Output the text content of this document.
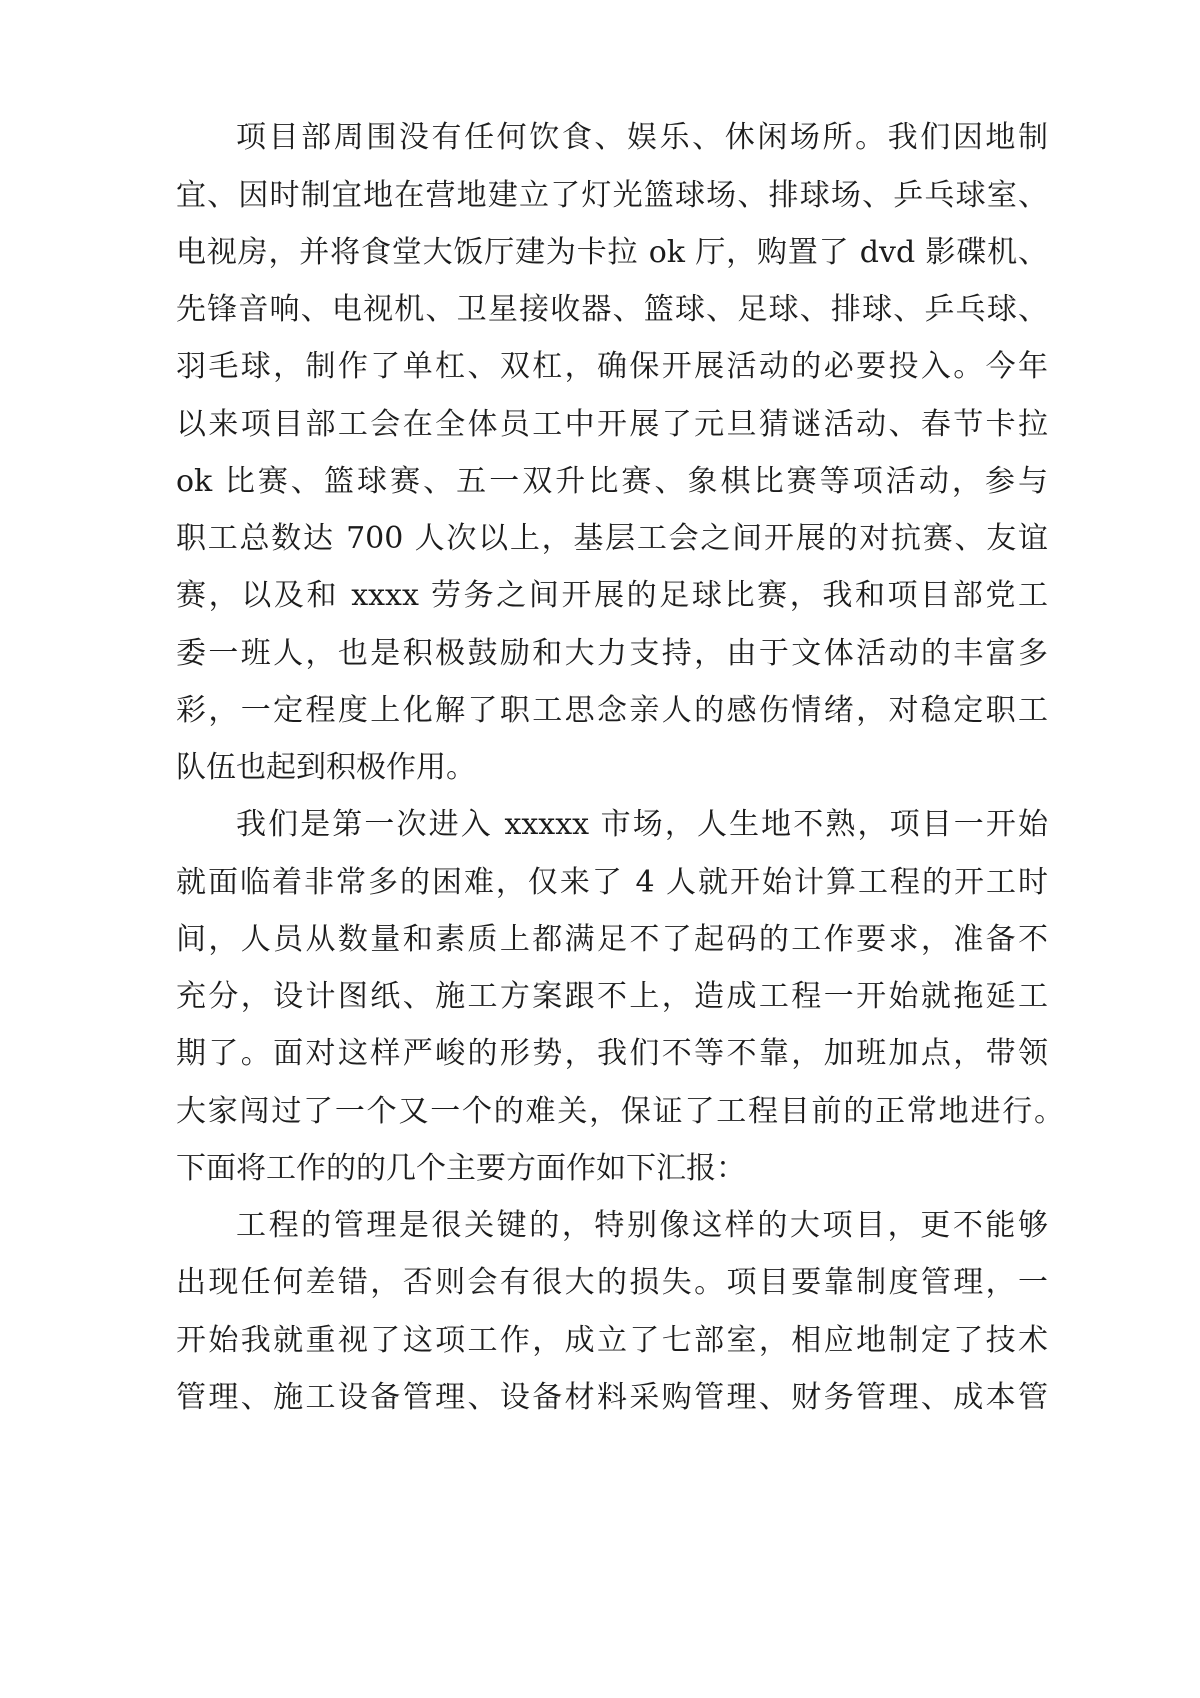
项目部周围没有任何饮食、娱乐、休闲场所。我们因地制

宜、因时制宜地在营地建立了灯光篮球场、排球场、乒乓球室、

电视房，并将食堂大饭厅建为卡拉 ok 厅，购置了 dvd 影碟机、

先锋音响、电视机、卫星接收器、篮球、足球、排球、乒乓球、

羽毛球，制作了单杠、双杠，确保开展活动的必要投入。今年

以来项目部工会在全体员工中开展了元旦猜谜活动、春节卡拉

ok 比赛、篮球赛、五一双升比赛、象棋比赛等项活动，参与

职工总数达 700 人次以上，基层工会之间开展的对抗赛、友谊

赛，以及和 xxxx 劳务之间开展的足球比赛，我和项目部党工

委一班人，也是积极鼓励和大力支持，由于文体活动的丰富多

彩，一定程度上化解了职工思念亲人的感伤情绪，对稳定职工

队伍也起到积极作用。

我们是第一次进入 xxxxx 市场，人生地不熟，项目一开始

就面临着非常多的困难，仅来了 4 人就开始计算工程的开工时

间，人员从数量和素质上都满足不了起码的工作要求，准备不

充分，设计图纸、施工方案跟不上，造成工程一开始就拖延工

期了。面对这样严峻的形势，我们不等不靠，加班加点，带领

大家闯过了一个又一个的难关，保证了工程目前的正常地进行。

下面将工作的的几个主要方面作如下汇报：

工程的管理是很关键的，特别像这样的大项目，更不能够

出现任何差错，否则会有很大的损失。项目要靠制度管理，一

开始我就重视了这项工作，成立了七部室，相应地制定了技术

管理、施工设备管理、设备材料采购管理、财务管理、成本管
